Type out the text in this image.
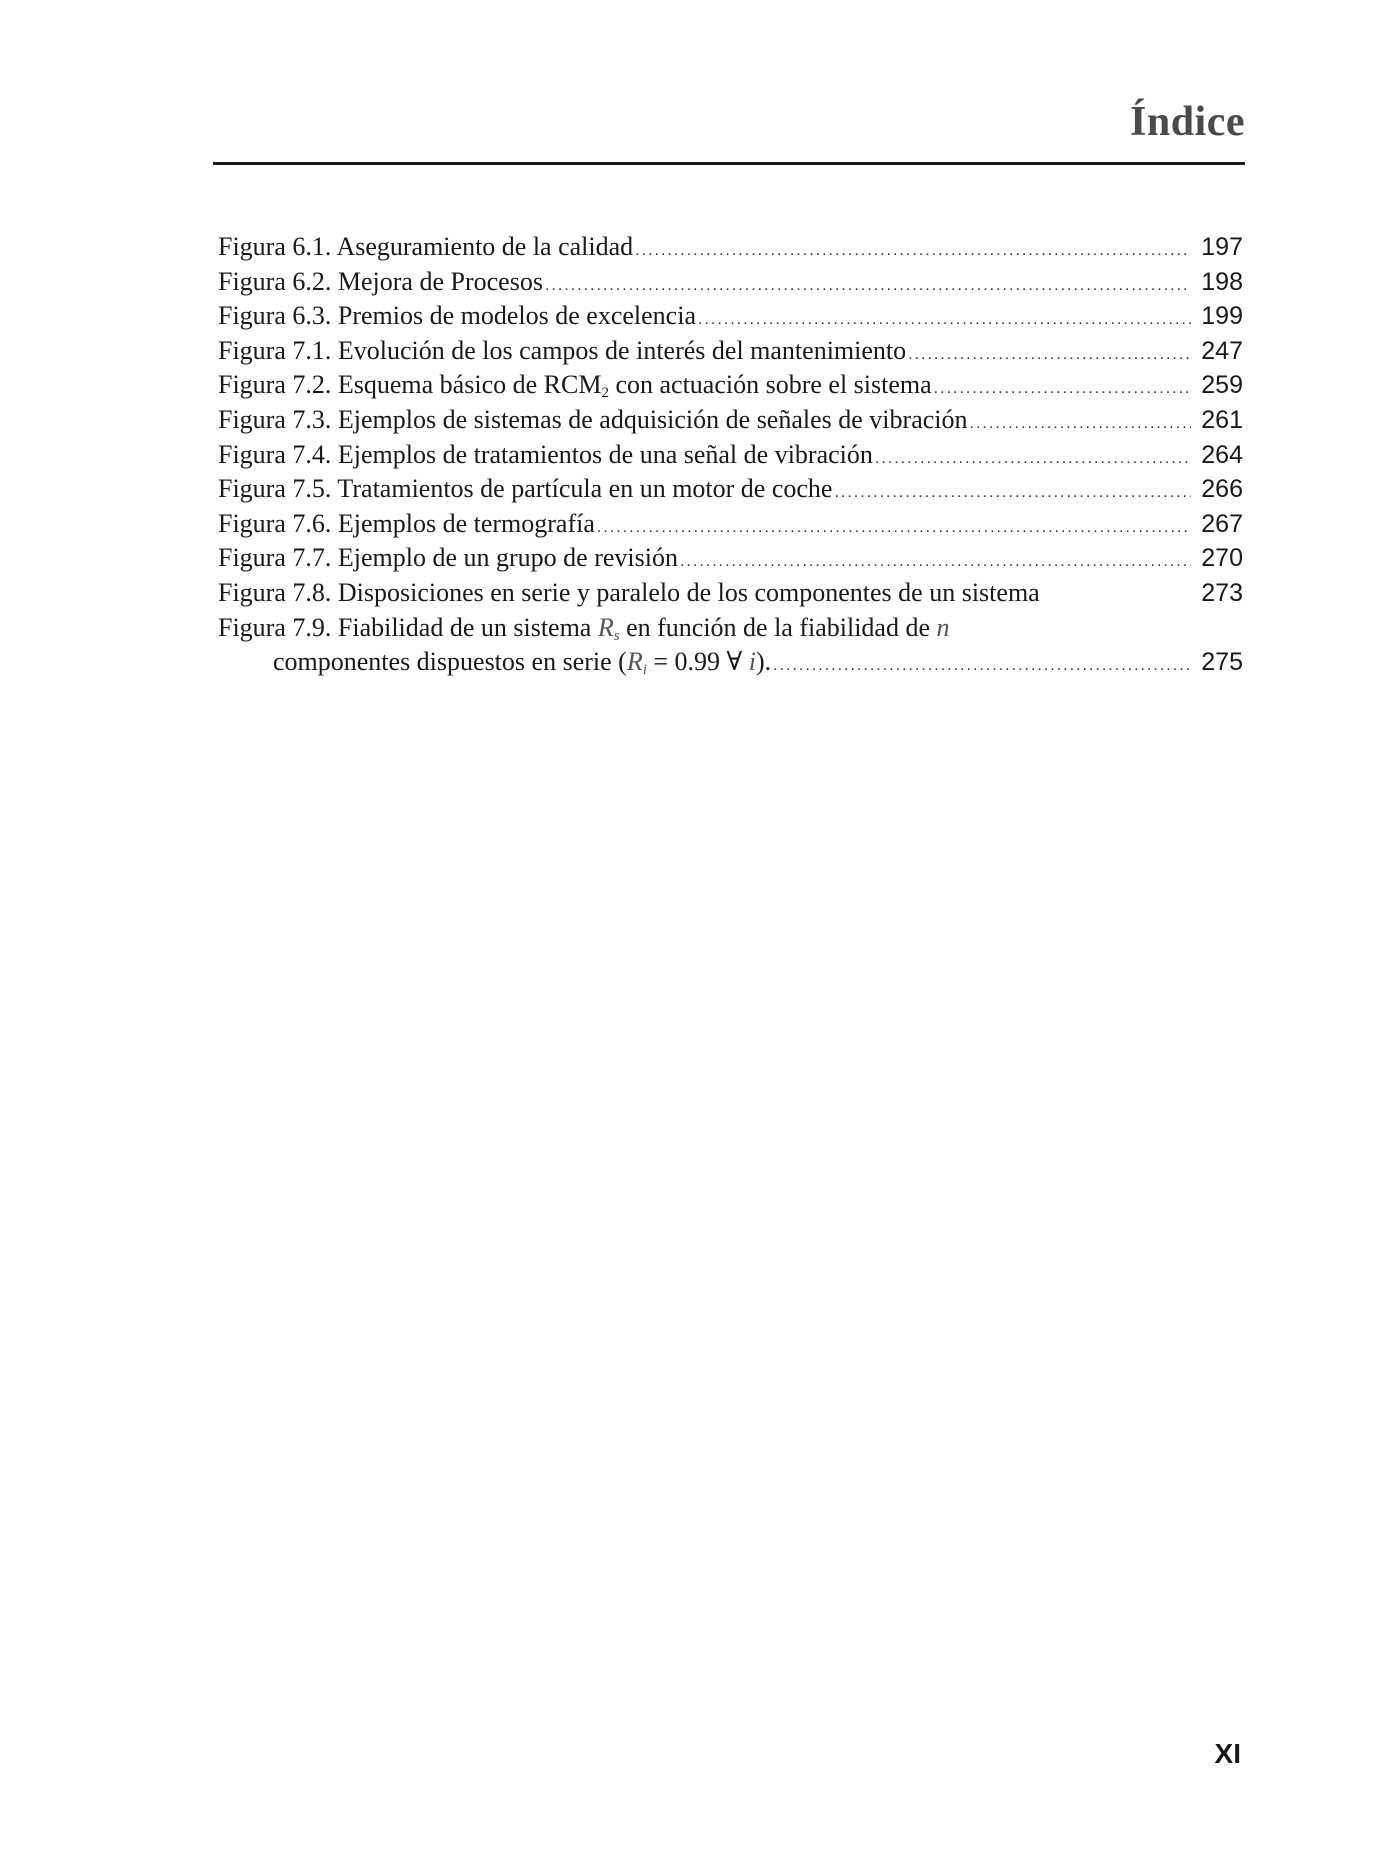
Índice
Figura 6.1. Aseguramiento de la calidad .....	197
Figura 6.2. Mejora de Procesos .....	198
Figura 6.3. Premios de modelos de excelencia .....	199
Figura 7.1. Evolución de los campos de interés del mantenimiento .....	247
Figura 7.2. Esquema básico de $RCM_2$ con actuación sobre el sistema .....	259
Figura 7.3. Ejemplos de sistemas de adquisición de señales de vibración .....	261
Figura 7.4. Ejemplos de tratamientos de una señal de vibración .....	264
Figura 7.5. Tratamientos de partícula en un motor de coche .....	266
Figura 7.6. Ejemplos de termografía .....	267
Figura 7.7. Ejemplo de un grupo de revisión .....	270
Figura 7.8. Disposiciones en serie y paralelo de los componentes de un sistema	273
Figura 7.9. Fiabilidad de un sistema $R_s$ en función de la fiabilidad de n
componentes dispuestos en serie ($R_i = 0.99$ ∀ i). .....	275
XI
